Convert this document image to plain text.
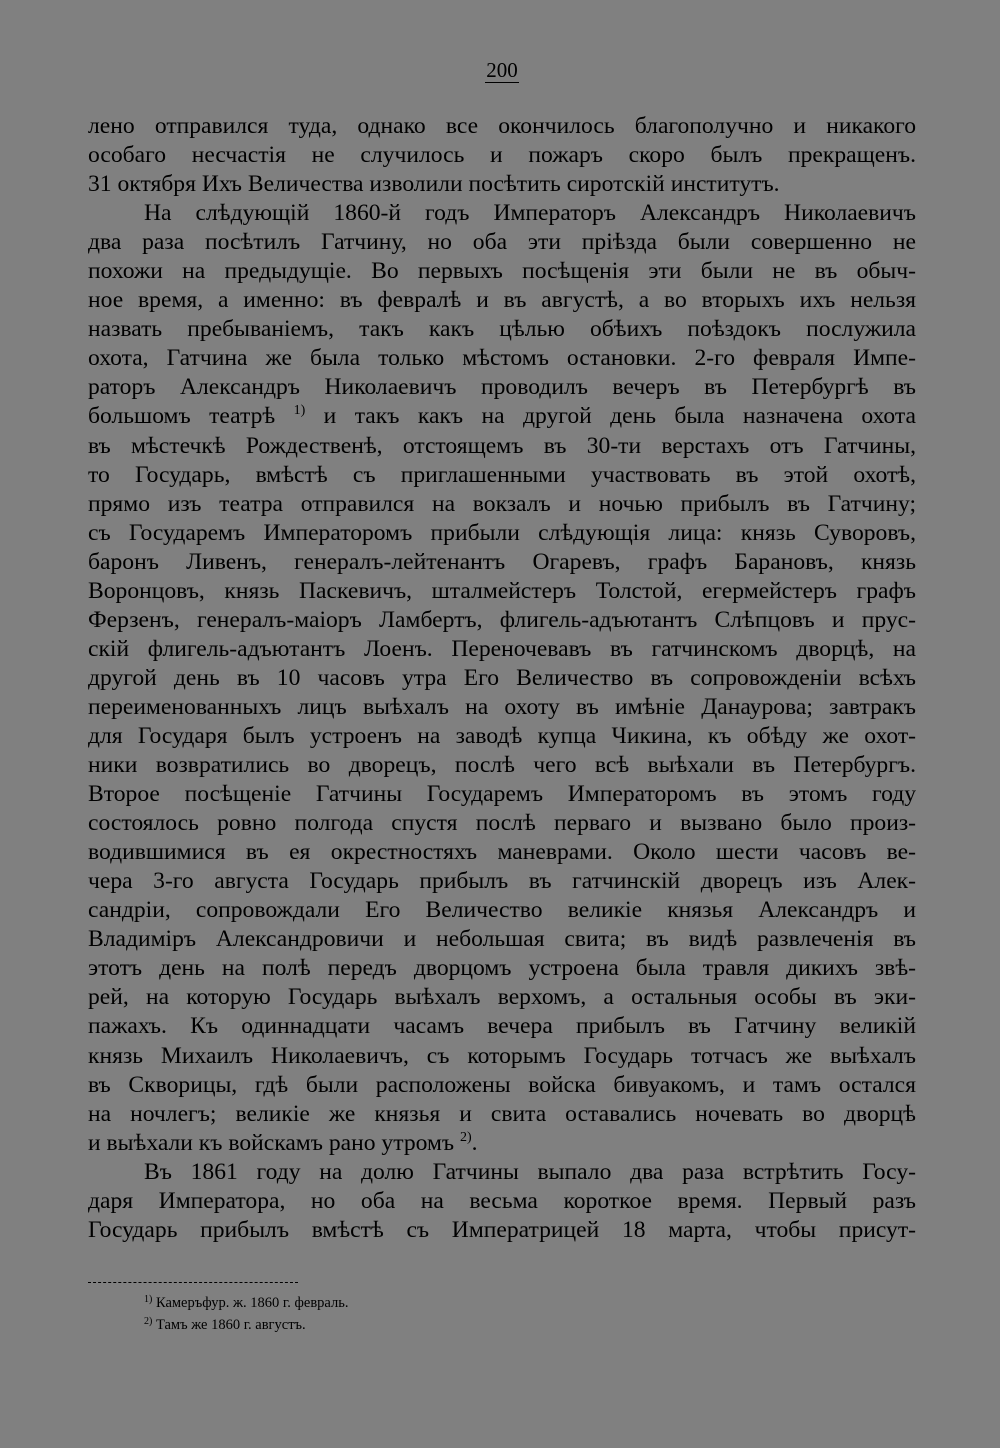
200
лено отправился туда, однако все окончилось благополучно и никакого
особаго несчастія не случилось и пожаръ скоро былъ прекращенъ.
31 октября Ихъ Величества изволили посѣтить сиротскій институтъ.
На слѣдующій 1860-й годъ Императоръ Александръ Николаевичъ
два раза посѣтилъ Гатчину, но оба эти пріѣзда были совершенно не
похожи на предыдущіе. Во первыхъ посѣщенія эти были не въ обыч-
ное время, а именно: въ февралѣ и въ августѣ, а во вторыхъ ихъ нельзя
назвать пребываніемъ, такъ какъ цѣлью обѣихъ поѣздокъ послужила
охота, Гатчина же была только мѣстомъ остановки. 2-го февраля Импе-
раторъ Александръ Николаевичъ проводилъ вечеръ въ Петербургѣ въ
большомъ театрѣ $^{1)}$ и такъ какъ на другой день была назначена охота
въ мѣстечкѣ Рождественѣ, отстоящемъ въ 30-ти верстахъ отъ Гатчины,
то Государь, вмѣстѣ съ приглашенными участвовать въ этой охотѣ,
прямо изъ театра отправился на вокзалъ и ночью прибылъ въ Гатчину;
съ Государемъ Императоромъ прибыли слѣдующія лица: князь Суворовъ,
баронъ Ливенъ, генералъ-лейтенантъ Огаревъ, графъ Барановъ, князь
Воронцовъ, князь Паскевичъ, шталмейстеръ Толстой, егермейстеръ графъ
Ферзенъ, генералъ-маіоръ Ламбертъ, флигель-адъютантъ Слѣпцовъ и прус-
скій флигель-адъютантъ Лоенъ. Переночевавъ въ гатчинскомъ дворцѣ, на
другой день въ 10 часовъ утра Его Величество въ сопровожденіи всѣхъ
переименованныхъ лицъ выѣхалъ на охоту въ имѣніе Данаурова; завтракъ
для Государя былъ устроенъ на заводѣ купца Чикина, къ обѣду же охот-
ники возвратились во дворецъ, послѣ чего всѣ выѣхали въ Петербургъ.
Второе посѣщеніе Гатчины Государемъ Императоромъ въ этомъ году
состоялось ровно полгода спустя послѣ перваго и вызвано было произ-
водившимися въ ея окрестностяхъ маневрами. Около шести часовъ ве-
чера 3-го августа Государь прибылъ въ гатчинскій дворецъ изъ Алек-
сандріи, сопровождали Его Величество великіе князья Александръ и
Владиміръ Александровичи и небольшая свита; въ видѣ развлеченія въ
этотъ день на полѣ передъ дворцомъ устроена была травля дикихъ звѣ-
рей, на которую Государь выѣхалъ верхомъ, а остальныя особы въ эки-
пажахъ. Къ одиннадцати часамъ вечера прибылъ въ Гатчину великій
князь Михаилъ Николаевичъ, съ которымъ Государь тотчасъ же выѣхалъ
въ Скворицы, гдѣ были расположены войска бивуакомъ, и тамъ остался
на ночлегъ; великіе же князья и свита оставались ночевать во дворцѣ
и выѣхали къ войскамъ рано утромъ $^{2)}$.
Въ 1861 году на долю Гатчины выпало два раза встрѣтить Госу-
даря Императора, но оба на весьма короткое время. Первый разъ
Государь прибылъ вмѣстѣ съ Императрицей 18 марта, чтобы присут-
$^{1)}$ Камеръфур. ж. 1860 г. февраль.
$^{2)}$ Тамъ же 1860 г. августъ.
